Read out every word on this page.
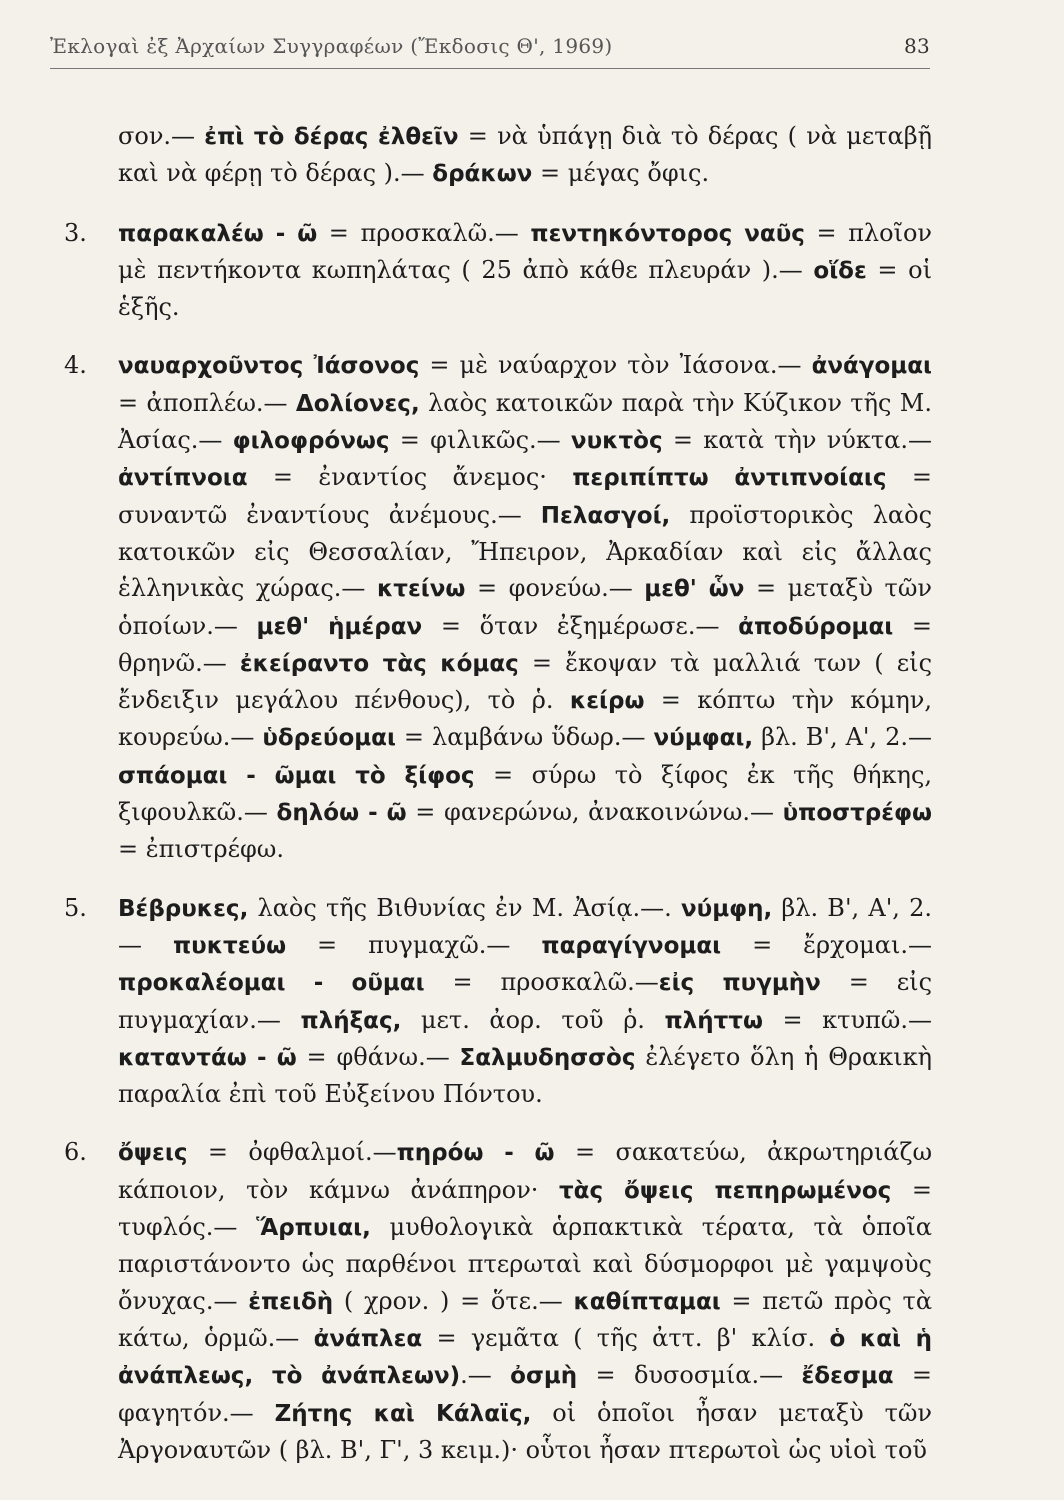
Ἐκλογαὶ ἐξ Ἀρχαίων Συγγραφέων (Ἔκδοσις Θ', 1969)	83

σον.— ἐπὶ τὸ δέρας ἐλθεῖν = νὰ ὑπάγῃ διὰ τὸ δέρας ( νὰ μεταβῇ καὶ νὰ φέρῃ τὸ δέρας ).— δράκων = μέγας ὄφις.

3. παρακαλέω - ῶ = προσκαλῶ.— πεντηκόντορος ναῦς = πλοῖον μὲ πεντήκοντα κωπηλάτας ( 25 ἀπὸ κάθε πλευράν ).— οἵδε = οἱ ἑξῆς.

4. ναυαρχοῦντος Ἰάσονος = μὲ ναύαρχον τὸν Ἰάσονα.— ἀνάγομαι = ἀποπλέω.— Δολίονες, λαὸς κατοικῶν παρὰ τὴν Κύζικον τῆς Μ. Ἀσίας.— φιλοφρόνως = φιλικῶς.— νυκτὸς = κατὰ τὴν νύκτα.— ἀντίπνοια = ἐναντίος ἄνεμος· περιπίπτω ἀντιπνοίαις = συναντῶ ἐναντίους ἀνέμους.— Πελασγοί, προϊστορικὸς λαὸς κατοικῶν εἰς Θεσσαλίαν, Ἤπειρον, Ἀρκαδίαν καὶ εἰς ἄλλας ἑλληνικὰς χώρας.— κτείνω = φονεύω.— μεθ' ὧν = μεταξὺ τῶν ὁποίων.— μεθ' ἡμέραν = ὅταν ἐξημέρωσε.— ἀποδύρομαι = θρηνῶ.— ἐκείραντο τὰς κόμας = ἔκοψαν τὰ μαλλιά των ( εἰς ἔνδειξιν μεγάλου πένθους), τὸ ῥ. κείρω = κόπτω τὴν κόμην, κουρεύω.— ὑδρεύομαι = λαμβάνω ὕδωρ.— νύμφαι, βλ. Β', Α', 2.— σπάομαι - ῶμαι τὸ ξίφος = σύρω τὸ ξίφος ἐκ τῆς θήκης, ξιφουλκῶ.— δηλόω - ῶ = φανερώνω, ἀνακοινώνω.— ὑποστρέφω = ἐπιστρέφω.

5. Βέβρυκες, λαὸς τῆς Βιθυνίας ἐν Μ. Ἀσίᾳ.—. νύμφη, βλ. Β', Α', 2.— πυκτεύω = πυγμαχῶ.— παραγίγνομαι = ἔρχομαι.— προκαλέομαι - οῦμαι = προσκαλῶ.—εἰς πυγμὴν = εἰς πυγμαχίαν.— πλήξας, μετ. ἀορ. τοῦ ῥ. πλήττω = κτυπῶ.— καταντάω - ῶ = φθάνω.— Σαλμυδησσὸς ἐλέγετο ὅλη ἡ Θρακικὴ παραλία ἐπὶ τοῦ Εὐξείνου Πόντου.

6. ὄψεις = ὀφθαλμοί.—πηρόω - ῶ = σακατεύω, ἀκρωτηριάζω κάποιον, τὸν κάμνω ἀνάπηρον· τὰς ὄψεις πεπηρωμένος = τυφλός.— Ἅρπυιαι, μυθολογικὰ ἁρπακτικὰ τέρατα, τὰ ὁποῖα παριστάνοντο ὡς παρθένοι πτερωταὶ καὶ δύσμορφοι μὲ γαμψοὺς ὄνυχας.— ἐπειδὴ ( χρον. ) = ὅτε.— καθίπταμαι = πετῶ πρὸς τὰ κάτω, ὁρμῶ.— ἀνάπλεα = γεμᾶτα ( τῆς ἀττ. β' κλίσ. ὁ καὶ ἡ ἀνάπλεως, τὸ ἀνάπλεων).— ὀσμὴ = δυσοσμία.— ἔδεσμα = φαγητόν.— Ζήτης καὶ Κάλαϊς, οἱ ὁποῖοι ἦσαν μεταξὺ τῶν Ἀργοναυτῶν ( βλ. Β', Γ', 3 κειμ.)· οὗτοι ἦσαν πτερωτοὶ ὡς υἱοὶ τοῦ
